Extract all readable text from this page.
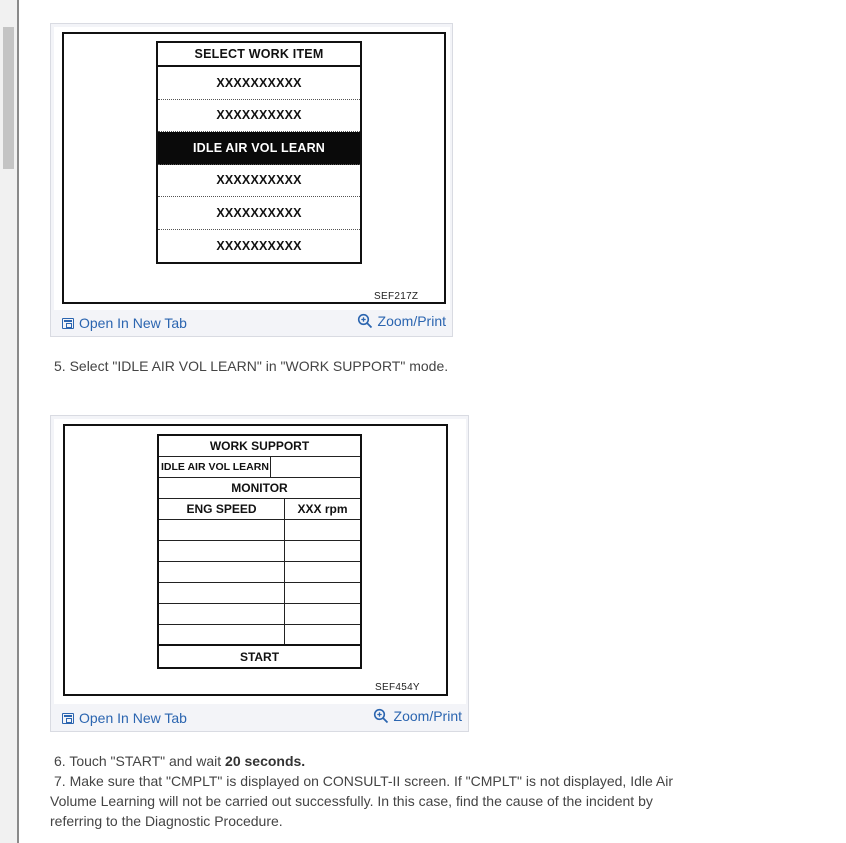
SELECT WORK ITEM
XXXXXXXXXX
XXXXXXXXXX
IDLE AIR VOL LEARN
XXXXXXXXXX
XXXXXXXXXX
XXXXXXXXXX
SEF217Z
Open In New Tab	Zoom/Print
5. Select "IDLE AIR VOL LEARN" in "WORK SUPPORT" mode.
WORK SUPPORT
IDLE AIR VOL LEARN
MONITOR
ENG SPEED	XXX rpm
START
SEF454Y
Open In New Tab	Zoom/Print
6. Touch "START" and wait 20 seconds.
7. Make sure that "CMPLT" is displayed on CONSULT-II screen. If "CMPLT" is not displayed, Idle Air
Volume Learning will not be carried out successfully. In this case, find the cause of the incident by
referring to the Diagnostic Procedure.
